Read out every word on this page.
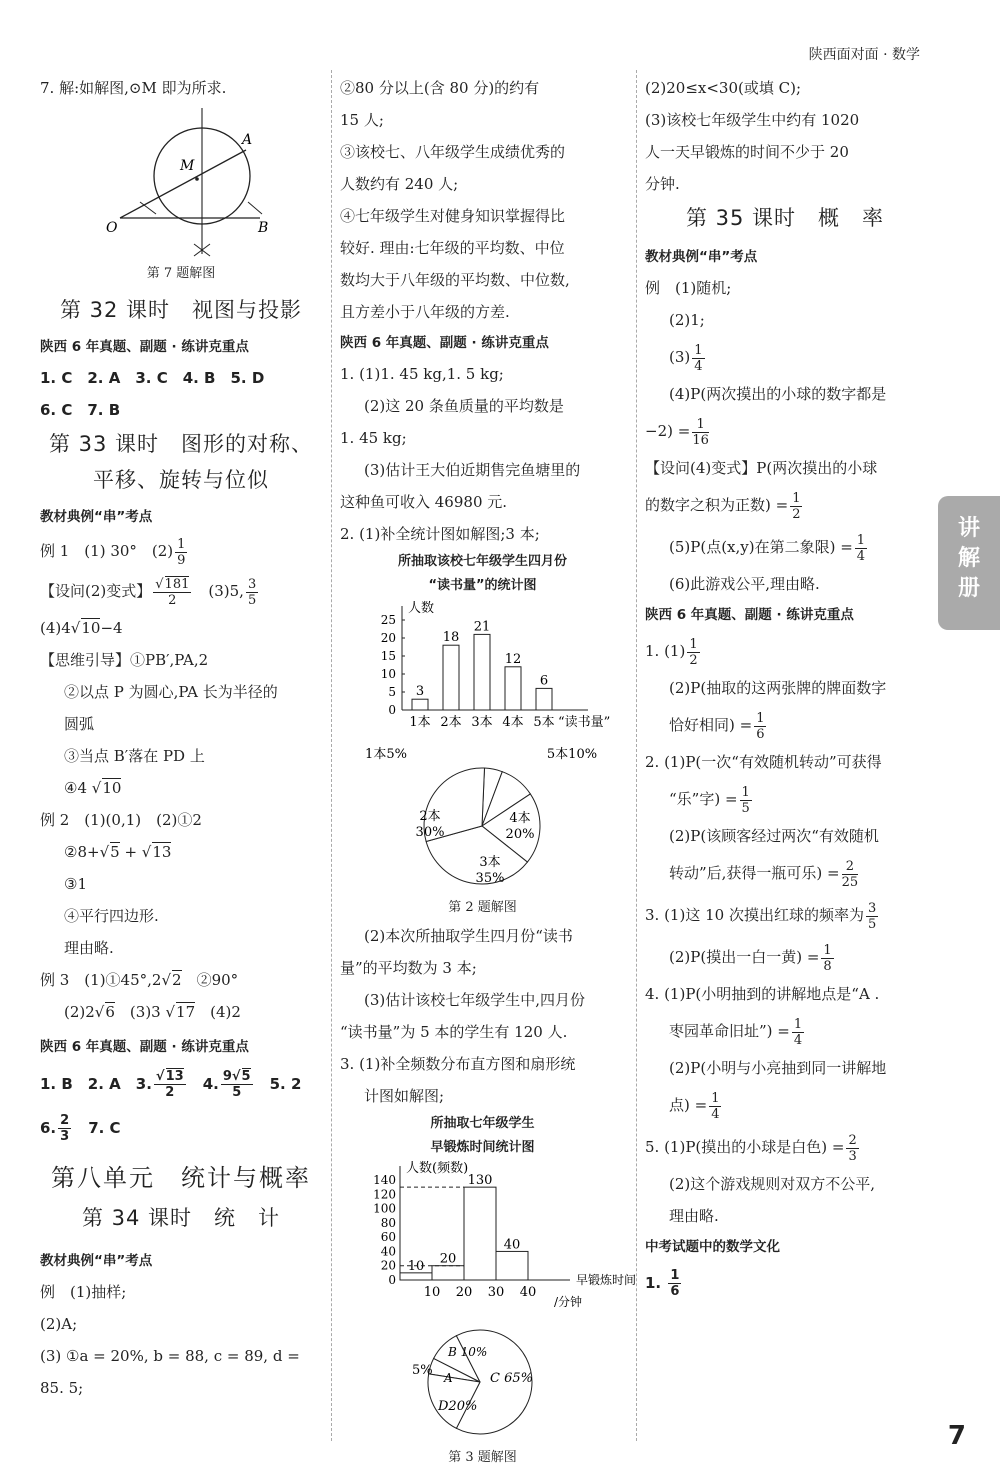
陕西面对面 · 数学
7. 解:如解图,⊙M 即为所求.
M
A
O	B
第 7 题解图
第 32 课时　视图与投影
陕西 6 年真题、副题 · 练讲克重点
1. C　2. A　3. C　4. B　5. D
6. C　7. B
第 33 课时　图形的对称、
平移、旋转与位似
教材典例“串”考点
例 1　(1) 30°　$(2) \frac{1}{9}$
【设问(2)变式】 $\frac{√181}{2}$
　 (3)5, $\frac{3}{5}$
(4)4√10−4
【思维引导】①PB′,PA,2
②以点 P 为圆心,PA 长为半径的
圆弧
③当点 B′落在 PD 上
④4 √10
例 2　(1)(0,1)　(2)①2
②8+√5 + √13
③1
④平行四边形.
理由略.
例 3　(1)①45°,2√2　 ②90°
(2)2√6　 (3)3 √17　 (4)2
陕西 6 年真题、副题 · 练讲克重点
1. B　2. A　3. $\frac{√13}{2}$
　 4. $\frac{9√5}{5}$
　 5. 2
6. $\frac{2}{3}$
　 7. C
第八单元　统计与概率
第 34 课时　统　计
教材典例“串”考点
例　(1)抽样;
(2)A;
(3) ①a = 20%, b = 88, c = 89, d =
85. 5;
②80 分以上(含 80 分)的约有
15 人;
③该校七、八年级学生成绩优秀的
人数约有 240 人;
④七年级学生对健身知识掌握得比
较好. 理由:七年级的平均数、中位
数均大于八年级的平均数、中位数,
且方差小于八年级的方差.
陕西 6 年真题、副题 · 练讲克重点
1. (1)1. 45 kg,1. 5 kg;
(2)这 20 条鱼质量的平均数是
1. 45 kg;
(3)估计王大伯近期售完鱼塘里的
这种鱼可收入 46980 元.
2. (1)补全统计图如解图;3 本;
所抽取该校七年级学生四月份
“读书量”的统计图
人数
0
5
10
15
20
25
3
1本
18
2本
21
3本
12
4本
6
5本 “读书量”

1本5%	5本10%
4本
20%
3本
35%
2本
30%
第 2 题解图
(2)本次所抽取学生四月份“读书
量”的平均数为 3 本;
(3)估计该校七年级学生中,四月份
“读书量”为 5 本的学生有 120 人.
3. (1)补全频数分布直方图和扇形统
计图如解图;
所抽取七年级学生
早锻炼时间统计图
人数(频数)
0
20
40
60
80
100
120
140
10 20
130
40
10 20 30 40
早锻炼时间
/分钟

5% A
B 10%
C 65%
D20%
第 3 题解图
(2)20≤x<30(或填 C);
(3)该校七年级学生中约有 1020
人一天早锻炼的时间不少于 20
分钟.
第 35 课时　概　率
教材典例“串”考点
例　(1)随机;
(2)1;
$(3) \frac{1}{4}$
(4)P(两次摸出的小球的数字都是
$-2) = \frac{1}{16}$
【设问(4)变式】P(两次摸出的小球
的数字之积为正数) = $\frac{1}{2}$
(5)P(点(x,y)在第二象限) = $\frac{1}{4}$
(6)此游戏公平,理由略.
陕西 6 年真题、副题 · 练讲克重点
1. $(1) \frac{1}{2}$
(2)P(抽取的这两张牌的牌面数字
恰好相同) = $\frac{1}{6}$
2. (1)P(一次“有效随机转动”可获得
“乐”字) = $\frac{1}{5}$
(2)P(该顾客经过两次“有效随机
转动”后,获得一瓶可乐) = $\frac{2}{25}$
3. (1)这 10 次摸出红球的频率为 $\frac{3}{5}$
(2)P(摸出一白一黄) = $\frac{1}{8}$
4. (1)P(小明抽到的讲解地点是“A .
枣园革命旧址”) = $\frac{1}{4}$
(2)P(小明与小亮抽到同一讲解地
点) = $\frac{1}{4}$
5. (1)P(摸出的小球是白色) = $\frac{2}{3}$
(2)这个游戏规则对双方不公平,
理由略.
中考试题中的数学文化
1. $\frac{1}{6}$
讲
解
册
7
